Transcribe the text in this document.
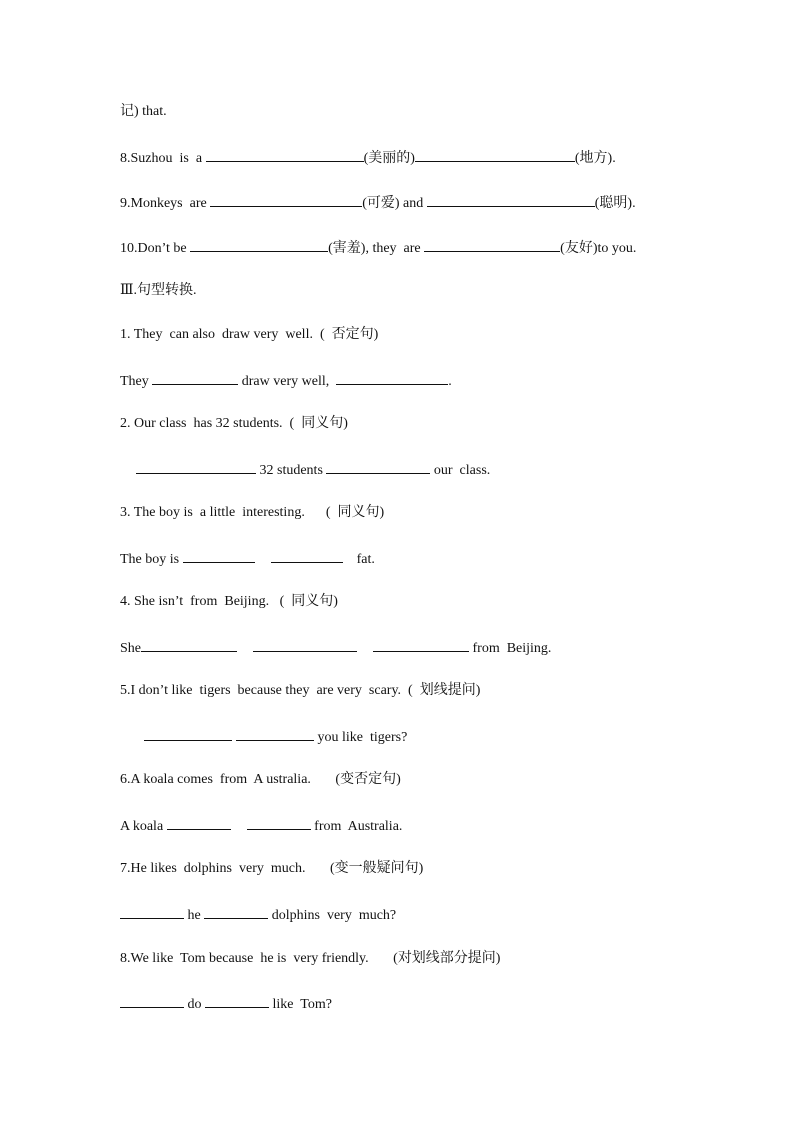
记) that.
8.Suzhou  is  a	(美丽的)	(地方).
9.Monkeys  are	(可爱) and	(聪明).
10.Don’t be	(害羞), they  are	(友好)to you.
Ⅲ.句型转换.
1. They  can also  draw very  well.  (  否定句)
They	draw very well,	.
2. Our class  has 32 students.  (  同义句)
32 students	our  class.
3. The boy is  a little  interesting.      (  同义句)
The boy is	fat.
4. She isn’t  from  Beijing.   (  同义句)
She	from  Beijing.
5.I don’t like  tigers  because they  are very  scary.  (  划线提问)
you like  tigers?
6.A koala comes  from  A ustralia.       (变否定句)
A koala	from  Australia.
7.He likes  dolphins  very  much.       (变一般疑问句)
he	dolphins  very  much?
8.We like  Tom because  he is  very friendly.       (对划线部分提问)
do	like  Tom?
